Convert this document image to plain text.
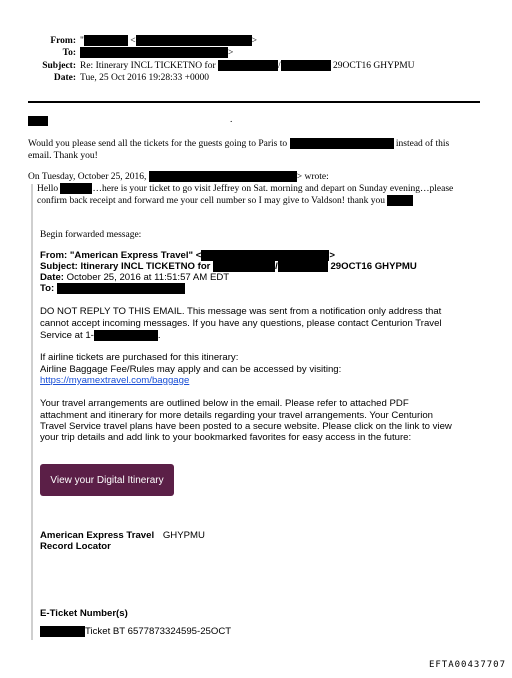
From: "	<	>
To:	>
Subject: Re: Itinerary INCL TICKETNO for	/	29OCT16 GHYPMU
Date: Tue, 25 Oct 2016 19:28:33 +0000
.
Would you please send all the tickets for the guests going to Paris to	instead of this
email. Thank you!
On Tuesday, October 25, 2016,	> wrote:
Hello	…here is your ticket to go visit Jeffrey on Sat. morning and depart on Sunday evening…please
confirm back receipt and forward me your cell number so I may give to Valdson! thank you
Begin forwarded message:
From: "American Express Travel" <	>
Subject: Itinerary INCL TICKETNO for	/	29OCT16 GHYPMU
Date: October 25, 2016 at 11:51:57 AM EDT
To:
DO NOT REPLY TO THIS EMAIL. This message was sent from a notification only address that
cannot accept incoming messages. If you have any questions, please contact Centurion Travel
Service at 1-	.
If airline tickets are purchased for this itinerary:
Airline Baggage Fee/Rules may apply and can be accessed by visiting:
https://myamextravel.com/baggage
Your travel arrangements are outlined below in the email. Please refer to attached PDF
attachment and itinerary for more details regarding your travel arrangements. Your Centurion
Travel Service travel plans have been posted to a secure website. Please click on the link to view
your trip details and add link to your bookmarked favorites for easy access in the future:
View your Digital Itinerary
American Express Travel GHYPMU
Record Locator
E-Ticket Number(s)
Ticket BT 6577873324595-25OCT
EFTA00437707
